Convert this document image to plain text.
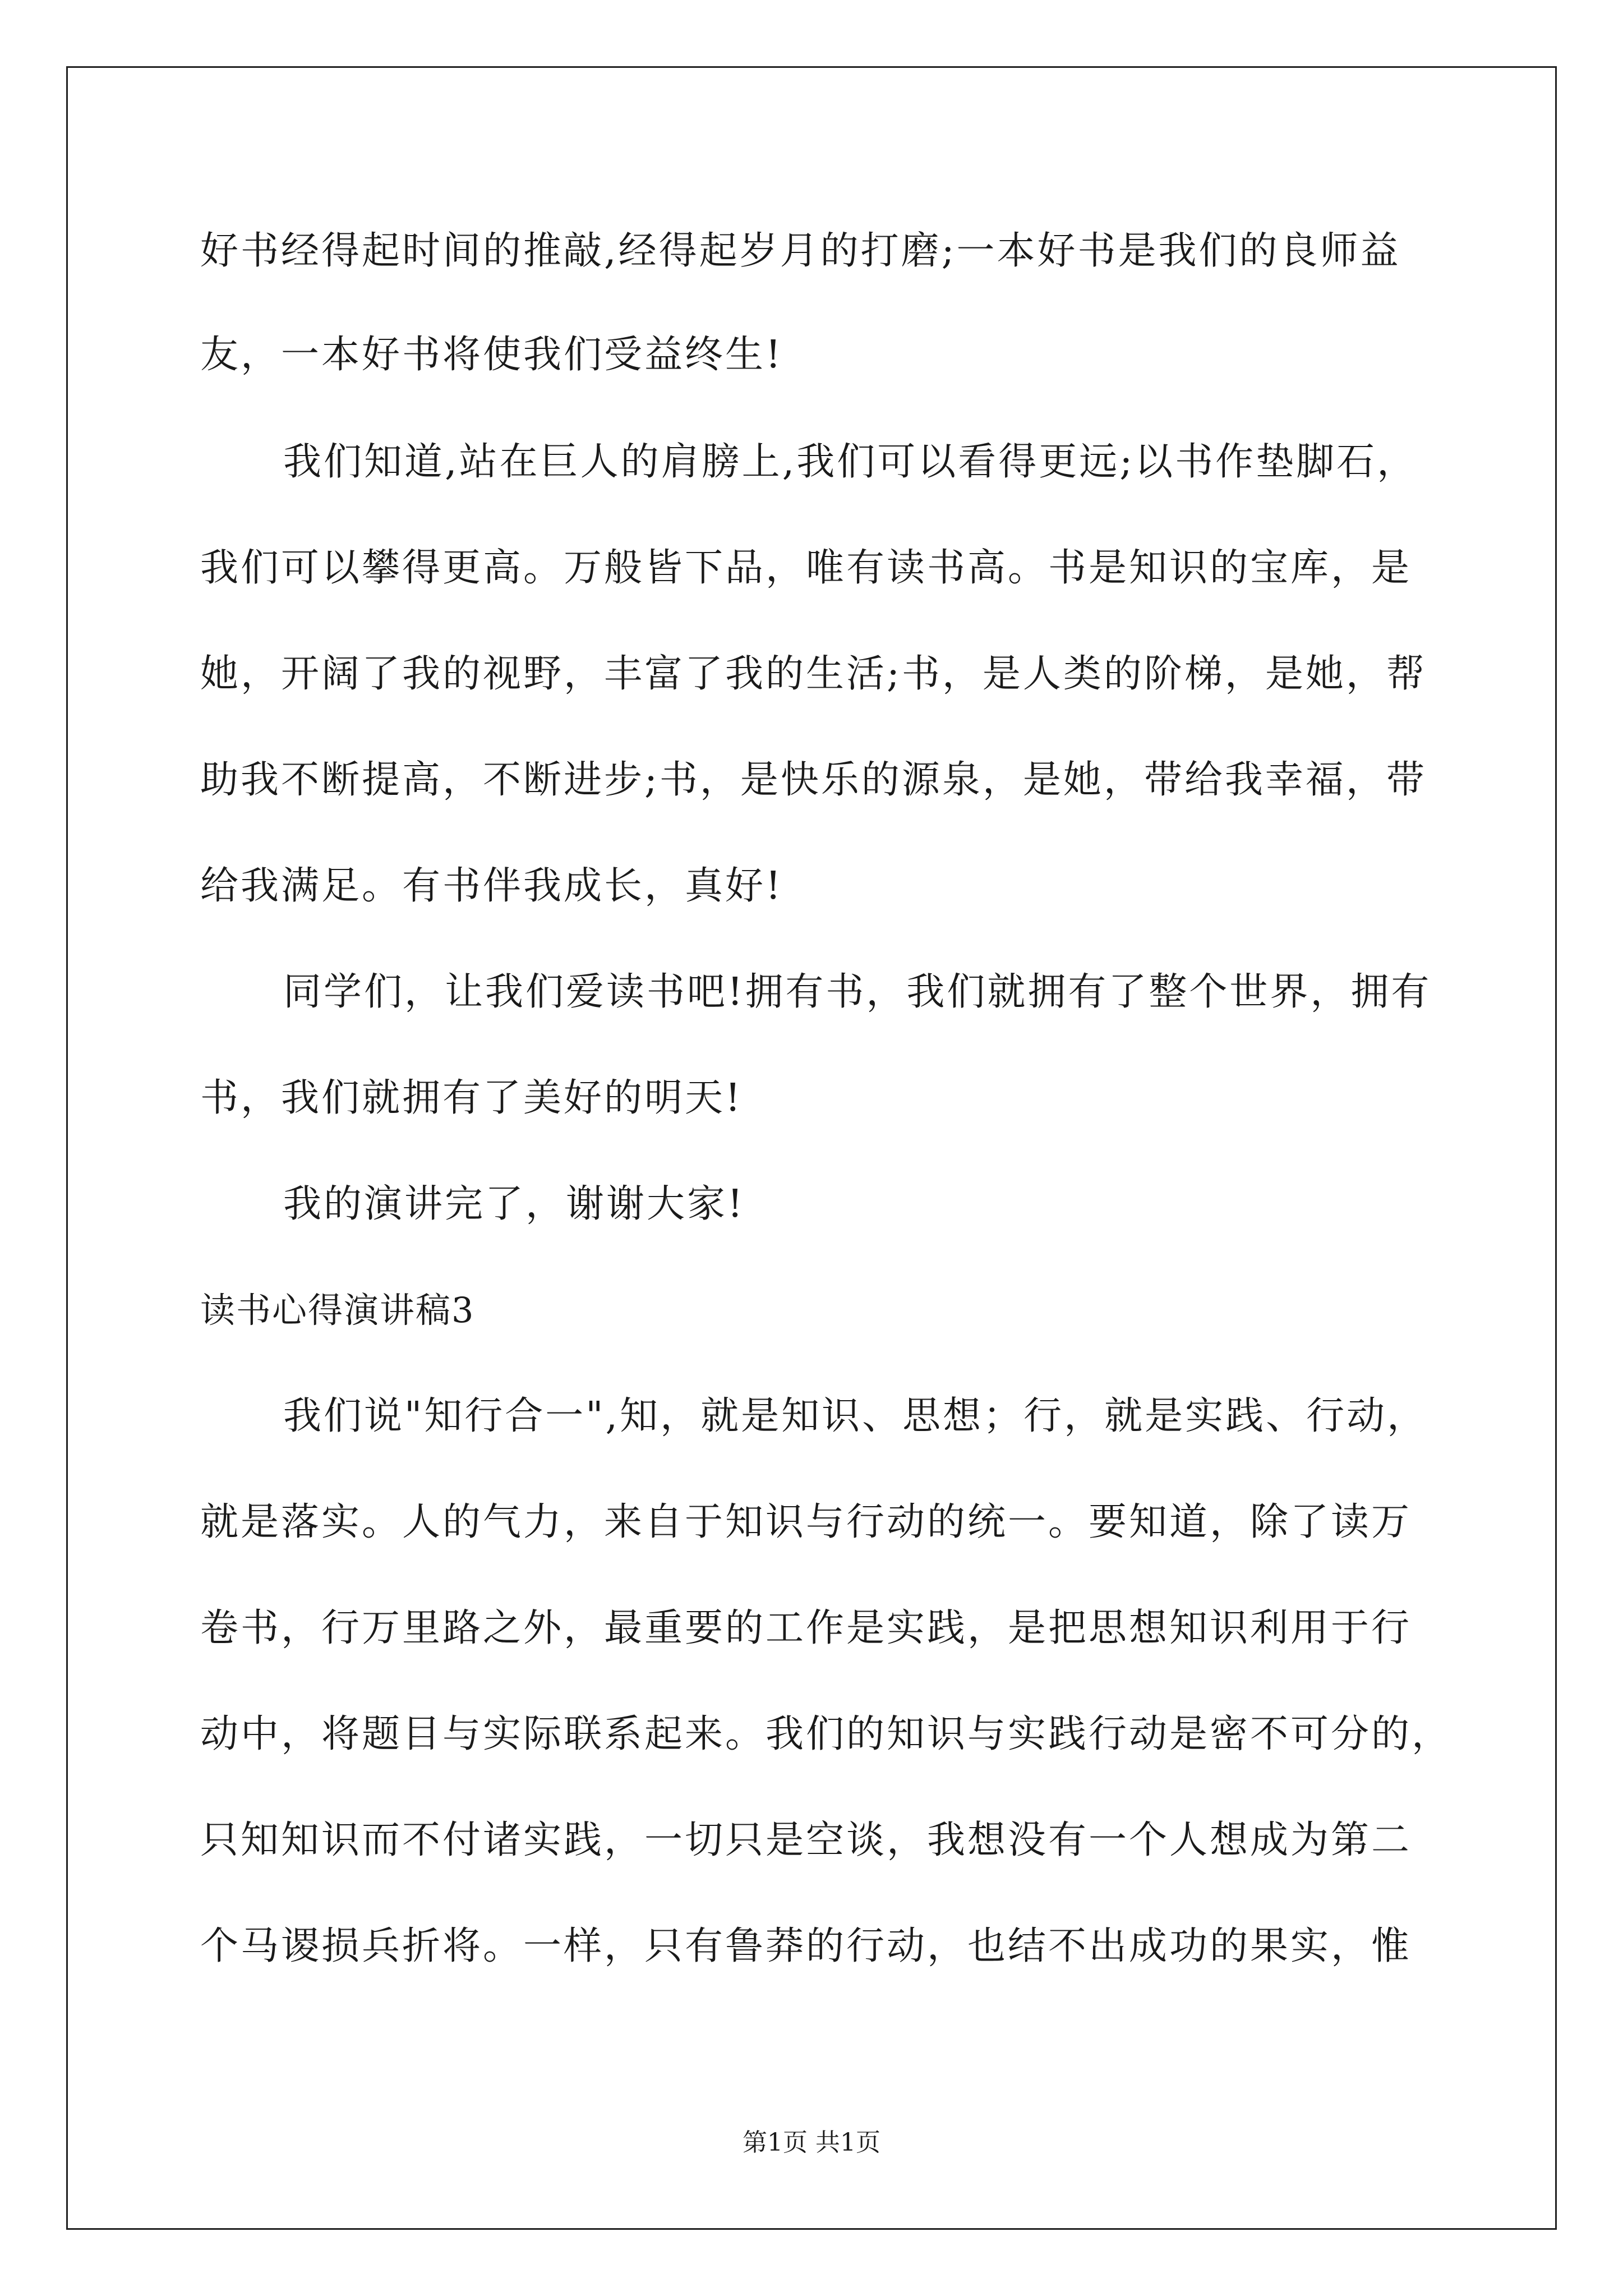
好书经得起时间的推敲,经得起岁月的打磨;一本好书是我们的良师益

友，一本好书将使我们受益终生!

我们知道,站在巨人的肩膀上,我们可以看得更远;以书作垫脚石，

我们可以攀得更高。万般皆下品，唯有读书高。书是知识的宝库，是

她，开阔了我的视野，丰富了我的生活;书，是人类的阶梯，是她，帮

助我不断提高，不断进步;书，是快乐的源泉，是她，带给我幸福，带

给我满足。有书伴我成长，真好!

同学们，让我们爱读书吧!拥有书，我们就拥有了整个世界，拥有

书，我们就拥有了美好的明天!

我的演讲完了，谢谢大家!

读书心得演讲稿3

我们说"知行合一",知，就是知识、思想；行，就是实践、行动，

就是落实。人的气力，来自于知识与行动的统一。要知道，除了读万

卷书，行万里路之外，最重要的工作是实践，是把思想知识利用于行

动中，将题目与实际联系起来。我们的知识与实践行动是密不可分的，

只知知识而不付诸实践，一切只是空谈，我想没有一个人想成为第二

个马谡损兵折将。一样，只有鲁莽的行动，也结不出成功的果实，惟

第1页 共1页
